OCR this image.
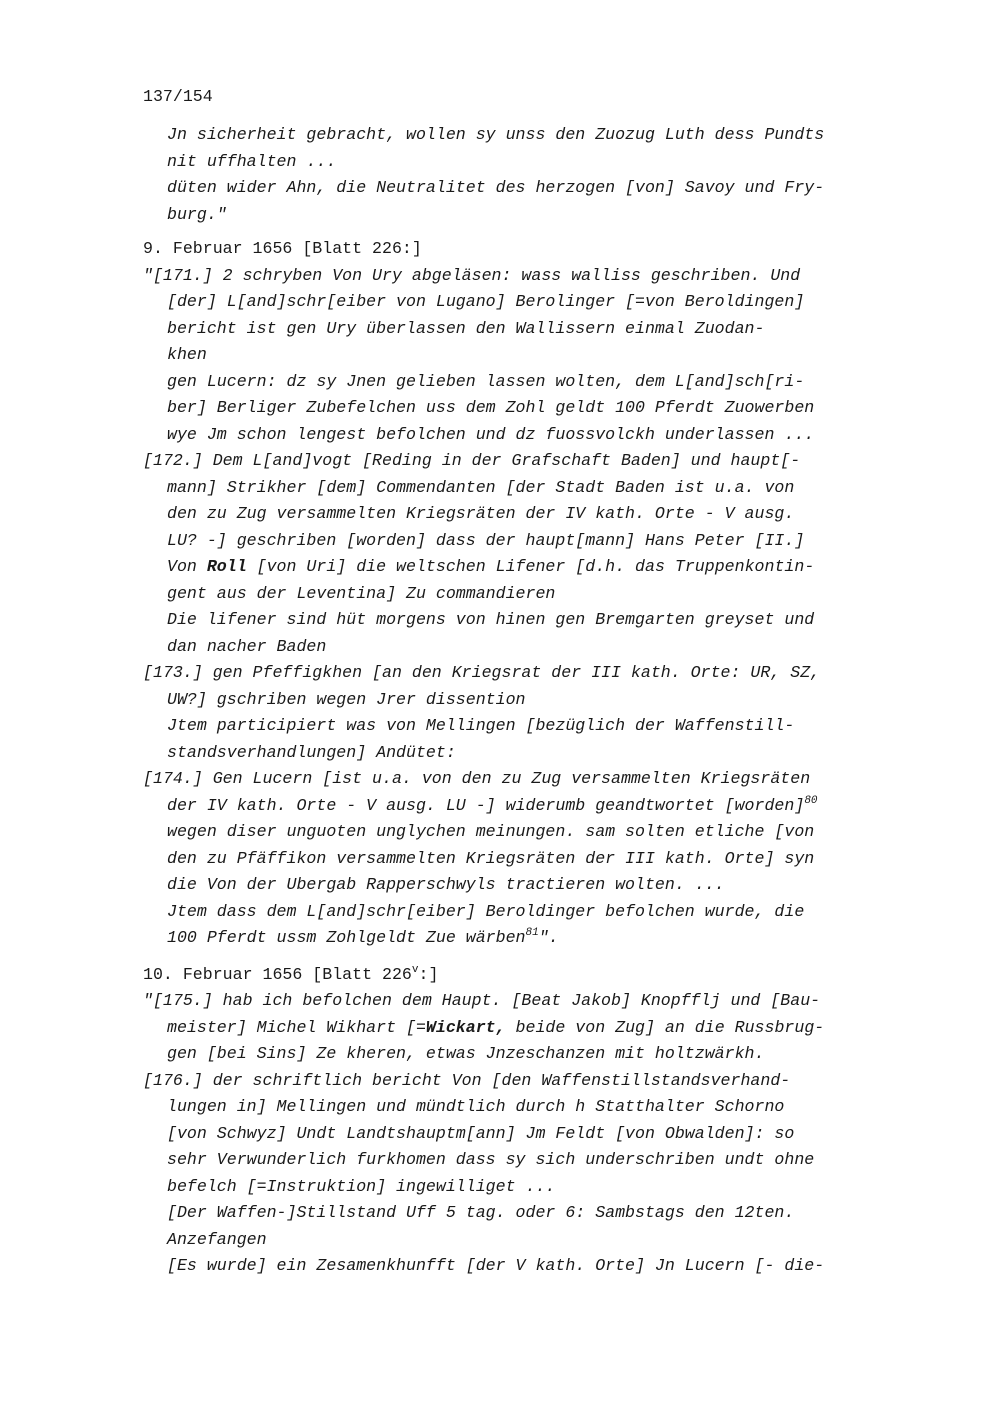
137/154
Jn sicherheit gebracht, wollen sy unss den Zuozug Luth dess Pundts
nit uffhalten ...
düten wider Ahn, die Neutralitet des herzogen [von] Savoy und Fry-
burg."
9. Februar 1656 [Blatt 226:]
"[171.] 2 schryben Von Ury abgeläsen: wass walliss geschriben. Und
[der] L[and]schr[eiber von Lugano] Berolinger [=von Beroldingen]
bericht ist gen Ury überlassen den Wallissern einmal Zuodan-
khen
gen Lucern: dz sy Jnen gelieben lassen wolten, dem L[and]sch[ri-
ber] Berliger Zubefelchen uss dem Zohl geldt 100 Pferdt Zuowerben
wye Jm schon lengest befolchen und dz fuossvolckh underlassen ...
[172.] Dem L[and]vogt [Reding in der Grafschaft Baden] und haupt[-
mann] Strikher [dem] Commendanten [der Stadt Baden ist u.a. von
den zu Zug versammelten Kriegsräten der IV kath. Orte - V ausg.
LU? -] geschriben [worden] dass der haupt[mann] Hans Peter [II.]
Von Roll [von Uri] die weltschen Lifener [d.h. das Truppenkontin-
gent aus der Leventina] Zu commandieren
Die lifener sind hüt morgens von hinen gen Bremgarten greyset und
dan nacher Baden
[173.] gen Pfeffigkhen [an den Kriegsrat der III kath. Orte: UR, SZ,
UW?] gschriben wegen Jrer dissention
Jtem participiert was von Mellingen [bezüglich der Waffenstill-
standsverhandlungen] Andütet:
[174.] Gen Lucern [ist u.a. von den zu Zug versammelten Kriegsräten
der IV kath. Orte - V ausg. LU -] widerumb geandtwortet [worden]$^{80}$
wegen diser unguoten unglychen meinungen. sam solten etliche [von
den zu Pfäffikon versammelten Kriegsräten der III kath. Orte] syn
die Von der Ubergab Rapperschwyls tractieren wolten. ...
Jtem dass dem L[and]schr[eiber] Beroldinger befolchen wurde, die
100 Pferdt ussm Zohlgeldt Zue wärben$^{81}$".
10. Februar 1656 [Blatt 226$^v$:]
"[175.] hab ich befolchen dem Haupt. [Beat Jakob] Knopfflj und [Bau-
meister] Michel Wikhart [=Wickart, beide von Zug] an die Russbrug-
gen [bei Sins] Ze kheren, etwas Jnzeschanzen mit holtzwärkh.
[176.] der schriftlich bericht Von [den Waffenstillstandsverhand-
lungen in] Mellingen und mündtlich durch h Statthalter Schorno
[von Schwyz] Undt Landtshauptm[ann] Jm Feldt [von Obwalden]: so
sehr Verwunderlich furkhomen dass sy sich underschriben undt ohne
befelch [=Instruktion] ingewilliget ...
[Der Waffen-]Stillstand Uff 5 tag. oder 6: Sambstags den 12ten.
Anzefangen
[Es wurde] ein Zesamenkhunfft [der V kath. Orte] Jn Lucern [- die-
